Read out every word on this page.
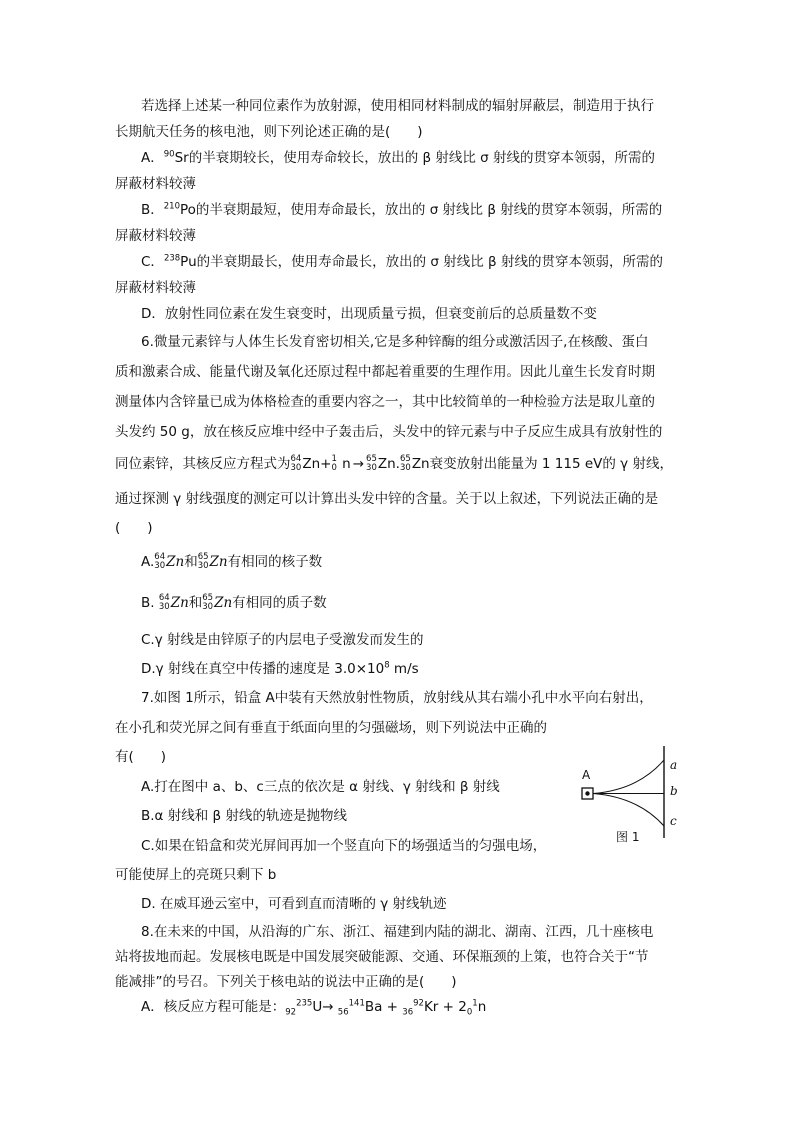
若选择上述某一种同位素作为放射源，使用相同材料制成的辐射屏蔽层，制造用于执行
长期航天任务的核电池，则下列论述正确的是(　　)
A．$^{90}$Sr的半衰期较长，使用寿命较长，放出的 β 射线比 σ 射线的贯穿本领弱，所需的
屏蔽材料较薄
B．$^{210}$Po的半衰期最短，使用寿命最长，放出的 σ 射线比 β 射线的贯穿本领弱，所需的
屏蔽材料较薄
C．$^{238}$Pu的半衰期最长，使用寿命最长，放出的 σ 射线比 β 射线的贯穿本领弱，所需的
屏蔽材料较薄
D．放射性同位素在发生衰变时，出现质量亏损，但衰变前后的总质量数不变
6.微量元素锌与人体生长发育密切相关,它是多种锌酶的组分或激活因子,在核酸、蛋白
质和激素合成、能量代谢及氧化还原过程中都起着重要的生理作用。因此儿童生长发育时期
测量体内含锌量已成为体格检查的重要内容之一，其中比较简单的一种检验方法是取儿童的
头发约 50 g，放在核反应堆中经中子轰击后，头发中的锌元素与中子反应生成具有放射性的
同位素锌，其核反应方程式为 64
30 Zn+ 1
0 n → 65
30 Zn. 65
30 Zn衰变放射出能量为 1 115 eV的 γ 射线，
通过探测 γ 射线强度的测定可以计算出头发中锌的含量。关于以上叙述，下列说法正确的是
(　　)
A. 64
30 Zn和 65
30 Zn有相同的核子数
B. 64
30 Zn和 65
30 Zn有相同的质子数
C.γ 射线是由锌原子的内层电子受激发而发生的
D.γ 射线在真空中传播的速度是 $3.0\times 10^8$ m/s
7.如图 1所示，铅盒 A中装有天然放射性物质，放射线从其右端小孔中水平向右射出，
在小孔和荧光屏之间有垂直于纸面向里的匀强磁场，则下列说法中正确的
有(　　)
A.打在图中 a、b、c三点的依次是 α 射线、γ 射线和 β 射线
B.α 射线和 β 射线的轨迹是抛物线
C.如果在铅盒和荧光屏间再加一个竖直向下的场强适当的匀强电场，
可能使屏上的亮斑只剩下 b
D. 在威耳逊云室中，可看到直而清晰的 γ 射线轨迹
A
a
b
c
图 1
8.在未来的中国，从沿海的广东、浙江、福建到内陆的湖北、湖南、江西，几十座核电
站将拔地而起。发展核电既是中国发展突破能源、交通、环保瓶颈的上策，也符合关于“节
能减排”的号召。下列关于核电站的说法中正确的是(　　)
A．核反应方程可能是：$_{92}^{235}U\to _{56}^{141}Ba + _{36}^{92}Kr + 2_0^1n$
